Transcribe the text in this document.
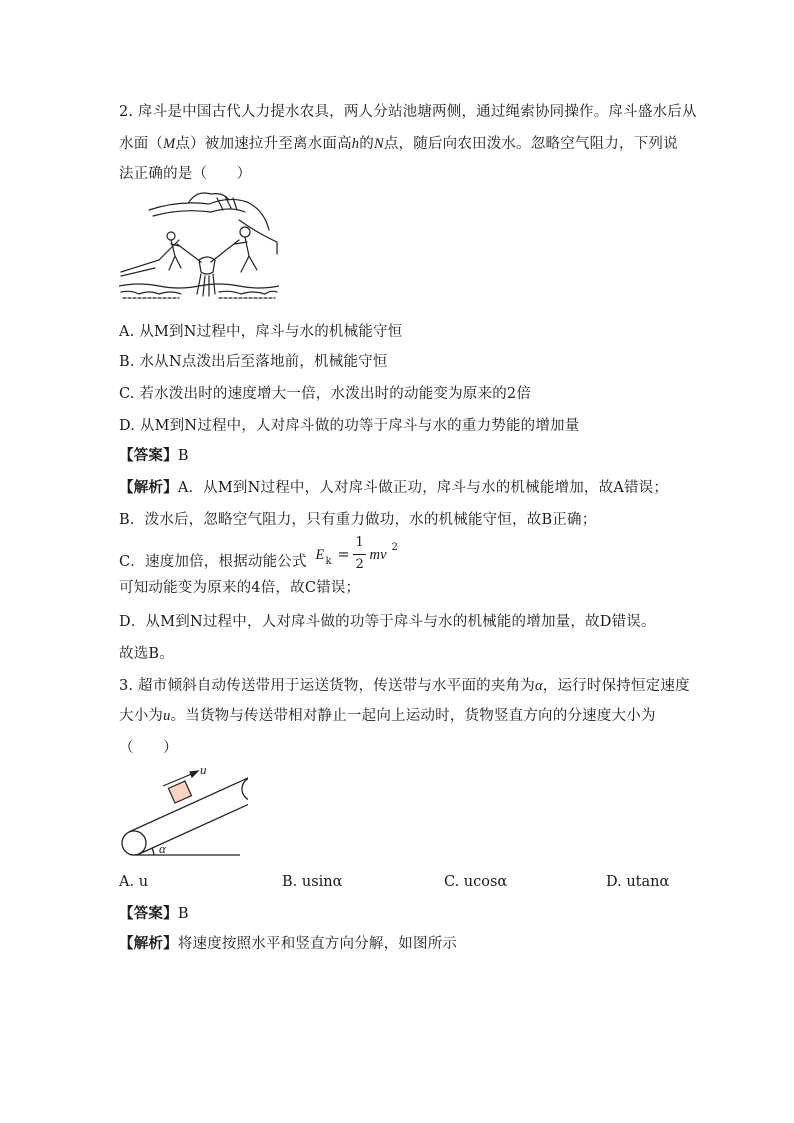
2. 戽斗是中国古代人力提水农具，两人分站池塘两侧，通过绳索协同操作。戽斗盛水后从
水面（M点）被加速拉升至离水面高h的N点，随后向农田泼水。忽略空气阻力，下列说
法正确的是（　　）
A. 从M到N过程中，戽斗与水的机械能守恒
B. 水从N点泼出后至落地前，机械能守恒
C. 若水泼出时的速度增大一倍，水泼出时的动能变为原来的2倍
D. 从M到N过程中，人对戽斗做的功等于戽斗与水的重力势能的增加量
【答案】B
【解析】A．从M到N过程中，人对戽斗做正功，戽斗与水的机械能增加，故A错误；
B．泼水后，忽略空气阻力，只有重力做功，水的机械能守恒，故B正确；
C．速度加倍，根据动能公式 E k =
1
2
mv 2
可知动能变为原来的4倍，故C错误；
D．从M到N过程中，人对戽斗做的功等于戽斗与水的机械能的增加量，故D错误。
故选B。
3. 超市倾斜自动传送带用于运送货物，传送带与水平面的夹角为α，运行时保持恒定速度
大小为u。当货物与传送带相对静止一起向上运动时，货物竖直方向的分速度大小为
（　　）
u
α
A. u	B. usinα	C. ucosα	D. utanα
【答案】B
【解析】将速度按照水平和竖直方向分解，如图所示
